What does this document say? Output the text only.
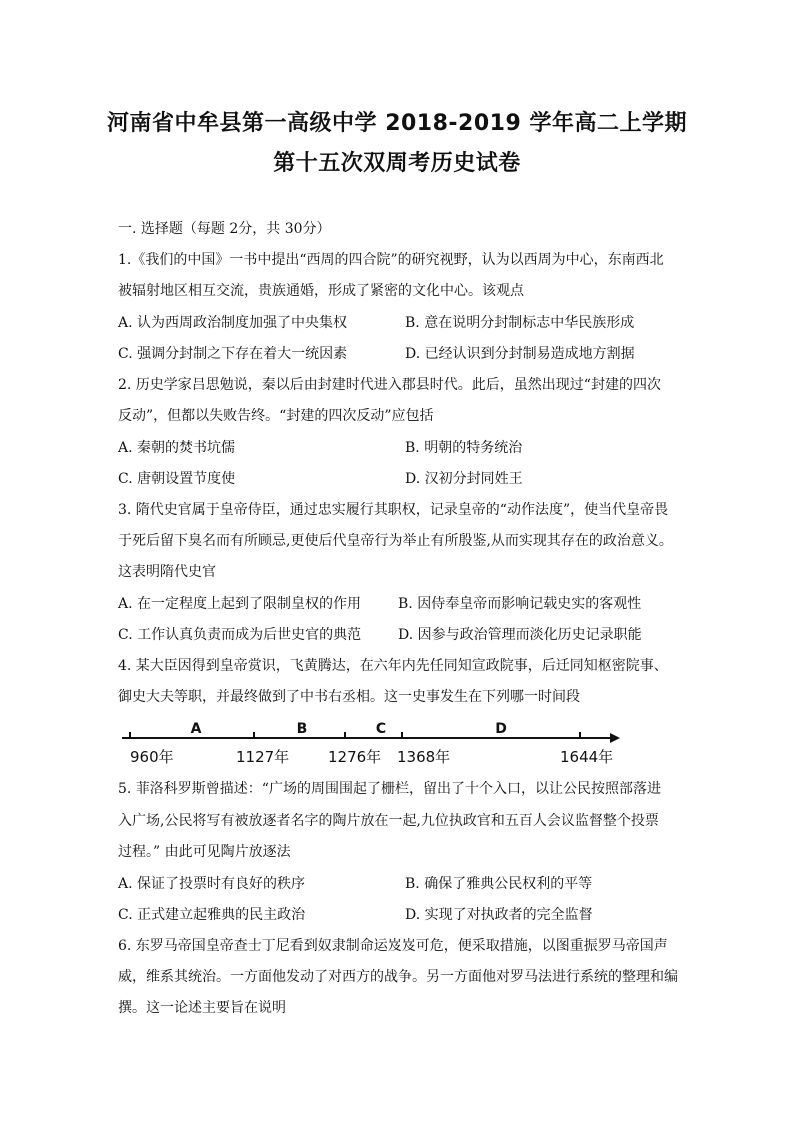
河南省中牟县第一高级中学 2018-2019 学年高二上学期
第十五次双周考历史试卷
一. 选择题（每题 2分，共 30分）
1.《我们的中国》一书中提出“西周的四合院”的研究视野，认为以西周为中心，东南西北
被辐射地区相互交流，贵族通婚，形成了紧密的文化中心。该观点
A. 认为西周政治制度加强了中央集权	B. 意在说明分封制标志中华民族形成
C. 强调分封制之下存在着大一统因素	D. 已经认识到分封制易造成地方割据
2. 历史学家吕思勉说，秦以后由封建时代进入郡县时代。此后，虽然出现过“封建的四次
反动”，但都以失败告终。“封建的四次反动”应包括
A. 秦朝的焚书坑儒	B. 明朝的特务统治
C. 唐朝设置节度使	D. 汉初分封同姓王
3. 隋代史官属于皇帝侍臣，通过忠实履行其职权，记录皇帝的“动作法度”，使当代皇帝畏
于死后留下臭名而有所顾忌,更使后代皇帝行为举止有所殷鉴,从而实现其存在的政治意义。
这表明隋代史官
A. 在一定程度上起到了限制皇权的作用	B. 因侍奉皇帝而影响记载史实的客观性
C. 工作认真负责而成为后世史官的典范	D. 因参与政治管理而淡化历史记录职能
4. 某大臣因得到皇帝赏识，飞黄腾达，在六年内先任同知宣政院事，后迁同知枢密院事、
御史大夫等职，并最终做到了中书右丞相。这一史事发生在下列哪一时间段
A	B	C	D
960年	1127年	1276年 1368年	1644年
5. 菲洛科罗斯曾描述：“广场的周围围起了栅栏，留出了十个入口，以让公民按照部落进
入广场,公民将写有被放逐者名字的陶片放在一起,九位执政官和五百人会议监督整个投票
过程。” 由此可见陶片放逐法
A. 保证了投票时有良好的秩序	B. 确保了雅典公民权利的平等
C. 正式建立起雅典的民主政治	D. 实现了对执政者的完全监督
6. 东罗马帝国皇帝查士丁尼看到奴隶制命运岌岌可危，便采取措施，以图重振罗马帝国声
威，维系其统治。一方面他发动了对西方的战争。另一方面他对罗马法进行系统的整理和编
撰。这一论述主要旨在说明
